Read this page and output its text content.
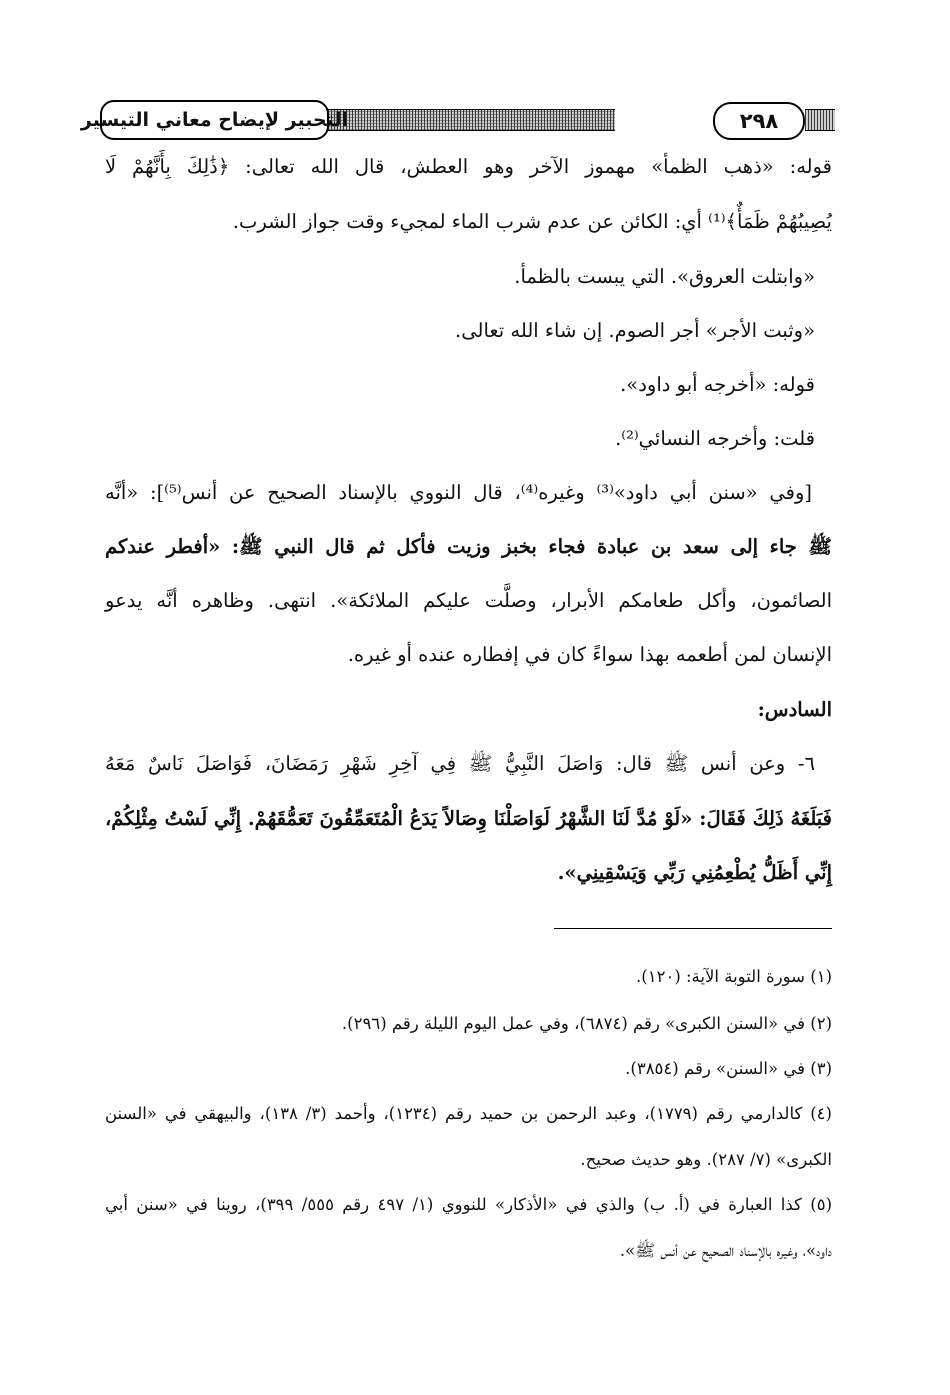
التحبير لإيضاح معاني التيسير	٢٩٨
قوله: «ذهب الظمأ» مهموز الآخر وهو العطش، قال الله تعالى: ﴿ذَٰلِكَ بِأَنَّهُمْ لَا
يُصِيبُهُمْ ظَمَأٌ﴾⁽¹⁾ أي: الكائن عن عدم شرب الماء لمجيء وقت جواز الشرب.
«وابتلت العروق». التي يبست بالظمأ.
«وثبت الأجر» أجر الصوم. إن شاء الله تعالى.
قوله: «أخرجه أبو داود».
قلت: وأخرجه النسائي⁽²⁾.
[وفي «سنن أبي داود»⁽³⁾ وغيره⁽⁴⁾، قال النووي بالإسناد الصحيح عن أنس⁽⁵⁾]: «أنَّه
ﷺ جاء إلى سعد بن عبادة فجاء بخبز وزيت فأكل ثم قال النبي ﷺ: «أفطر عندكم
الصائمون، وأكل طعامكم الأبرار، وصلَّت عليكم الملائكة». انتهى. وظاهره أنَّه يدعو
الإنسان لمن أطعمه بهذا سواءً كان في إفطاره عنده أو غيره.
السادس:
٦- وعن أنس ﷺ قال: وَاصَلَ النَّبِيُّ ﷺ فِي آخِرِ شَهْرِ رَمَضَانَ، فَوَاصَلَ نَاسٌ مَعَهُ
فَبَلَغَهُ ذَلِكَ فَقَالَ: «لَوْ مُدَّ لَنَا الشَّهْرُ لَوَاصَلْنَا وِصَالاً يَدَعُ الْمُتَعَمِّقُونَ تَعَمُّقَهُمْ. إِنِّي لَسْتُ مِثْلِكُمْ،
إِنِّي أَظَلُّ يُطْعِمُنِي رَبِّي وَيَسْقِينِي».
(١) سورة التوبة الآية: (١٢٠).
(٢) في «السنن الكبرى» رقم (٦٨٧٤)، وفي عمل اليوم الليلة رقم (٢٩٦).
(٣) في «السنن» رقم (٣٨٥٤).
(٤) كالدارمي رقم (١٧٧٩)، وعبد الرحمن بن حميد رقم (١٢٣٤)، وأحمد (٣/ ١٣٨)، والبيهقي في «السنن
الكبرى» (٧/ ٢٨٧). وهو حديث صحيح.
(٥) كذا العبارة في (أ. ب) والذي في «الأذكار» للنووي (١/ ٤٩٧ رقم ٥٥٥/ ٣٩٩)، روينا في «سنن أبي
داود»، وغيره بالإسناد الصحيح عن أنس ﷺ».
